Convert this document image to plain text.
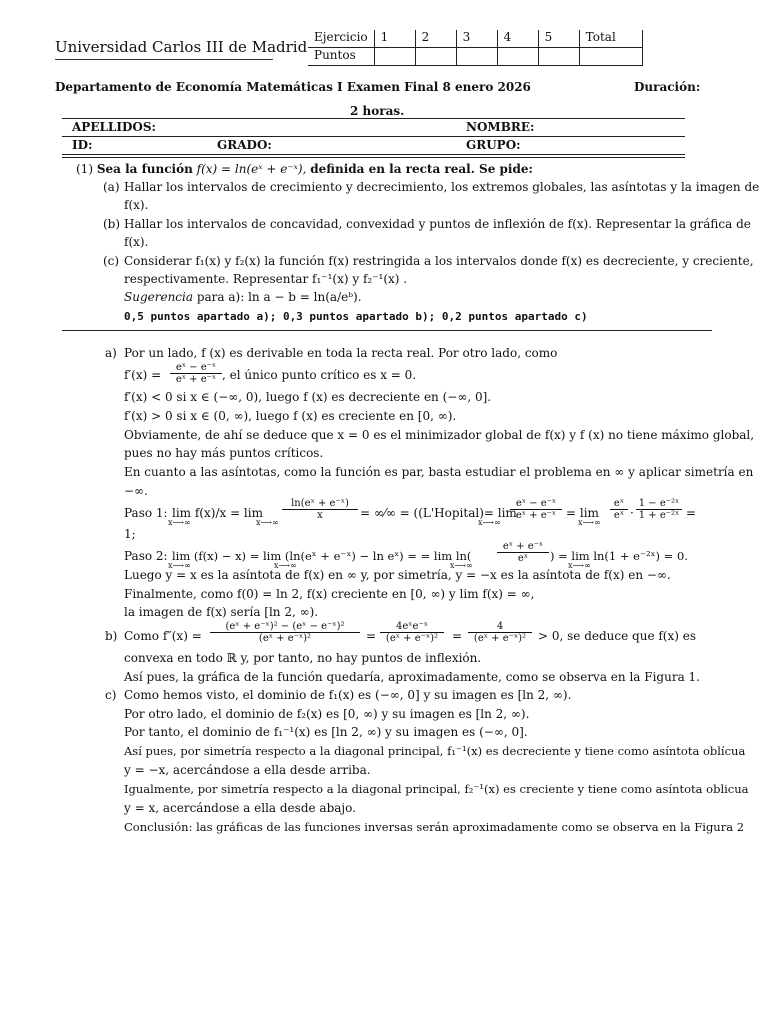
Universidad Carlos III de Madrid
Ejercicio	1	2	3	4	5	Total
Puntos						
Departamento de Economía Matemáticas I Examen Final 8 enero 2026	Duración:
2 horas.
APELLIDOS:	NOMBRE:
ID:	GRADO:	GRUPO:
(1) Sea la función f(x) = ln(eˣ + e⁻ˣ), definida en la recta real. Se pide:
(a) Hallar los intervalos de crecimiento y decrecimiento, los extremos globales, las asíntotas y la imagen de
f(x).
(b) Hallar los intervalos de concavidad, convexidad y puntos de inflexión de f(x). Representar la gráfica de
f(x).
(c) Considerar f₁(x) y f₂(x) la función f(x) restringida a los intervalos donde f(x) es decreciente, y creciente,
respectivamente. Representar f₁⁻¹(x) y f₂⁻¹(x) .
Sugerencia para a): ln a − b = ln(a/eᵇ).
0,5 puntos apartado a); 0,3 puntos apartado b); 0,2 puntos apartado c)
a) Por un lado, f (x) es derivable en toda la recta real. Por otro lado, como
$f'(x) = \frac{\text{eˣ − e⁻ˣ}}{\text{eˣ + e⁻ˣ}}$ , el único punto crítico es x = 0.
f′(x) < 0 si x ∈ (−∞, 0), luego f (x) es decreciente en (−∞, 0].
f′(x) > 0 si x ∈ (0, ∞), luego f (x) es creciente en [0, ∞).
Obviamente, de ahí se deduce que x = 0 es el minimizador global de f(x) y f (x) no tiene máximo global,
pues no hay más puntos críticos.
En cuanto a las asíntotas, como la función es par, basta estudiar el problema en ∞ y aplicar simetría en
−∞.
Paso 1: lim f(x)/x = lim
x⟶∞	x⟶∞
$\frac{\text{ln(eˣ + e⁻ˣ)}}{x}$ = ∞⁄∞ = ((L'Hopital)= lim
x⟶∞
$\frac{\text{eˣ − e⁻ˣ}}{\text{eˣ + e⁻ˣ}} = \lim$
x⟶∞
$\frac{\text{eˣ}}{\text{eˣ}} \cdot \frac{\text{1 − e⁻²ˣ}}{\text{1 + e⁻²ˣ}}$ =
1;
Paso 2: lim (f(x) − x) = lim (ln(eˣ + e⁻ˣ) − ln eˣ) = = lim ln(
x⟶∞	x⟶∞	x⟶∞
$\frac{\text{eˣ + e⁻ˣ}}{\text{eˣ}}$ ) = lim ln(1 + e⁻²ˣ) = 0.
x⟶∞
Luego y = x es la asíntota de f(x) en ∞ y, por simetría, y = −x es la asíntota de f(x) en −∞.
Finalmente, como f(0) = ln 2, f(x) creciente en [0, ∞) y lim f(x) = ∞,
la imagen de f(x) sería [ln 2, ∞).
b) Como $f''(x) = \frac{\text{(eˣ + e⁻ˣ)² − (eˣ − e⁻ˣ)²}}{\text{(eˣ + e⁻ˣ)²}}$ =
4eˣe⁻ˣ
(eˣ + e⁻ˣ)²	= $\frac{4}{\text{(eˣ + e⁻ˣ)²}} > 0$, se deduce que f(x) es
convexa en todo ℝ y, por tanto, no hay puntos de inflexión.
Así pues, la gráfica de la función quedaría, aproximadamente, como se observa en la Figura 1.
c) Como hemos visto, el dominio de f₁(x) es (−∞, 0] y su imagen es [ln 2, ∞).
Por otro lado, el dominio de f₂(x) es [0, ∞) y su imagen es [ln 2, ∞).
Por tanto, el dominio de f₁⁻¹(x) es [ln 2, ∞) y su imagen es (−∞, 0].
Así pues, por simetría respecto a la diagonal principal, f₁⁻¹(x) es decreciente y tiene como asíntota oblícua
y = −x, acercándose a ella desde arriba.
Igualmente, por simetría respecto a la diagonal principal, f₂⁻¹(x) es creciente y tiene como asíntota oblicua
y = x, acercándose a ella desde abajo.
Conclusión: las gráficas de las funciones inversas serán aproximadamente como se observa en la Figura 2
